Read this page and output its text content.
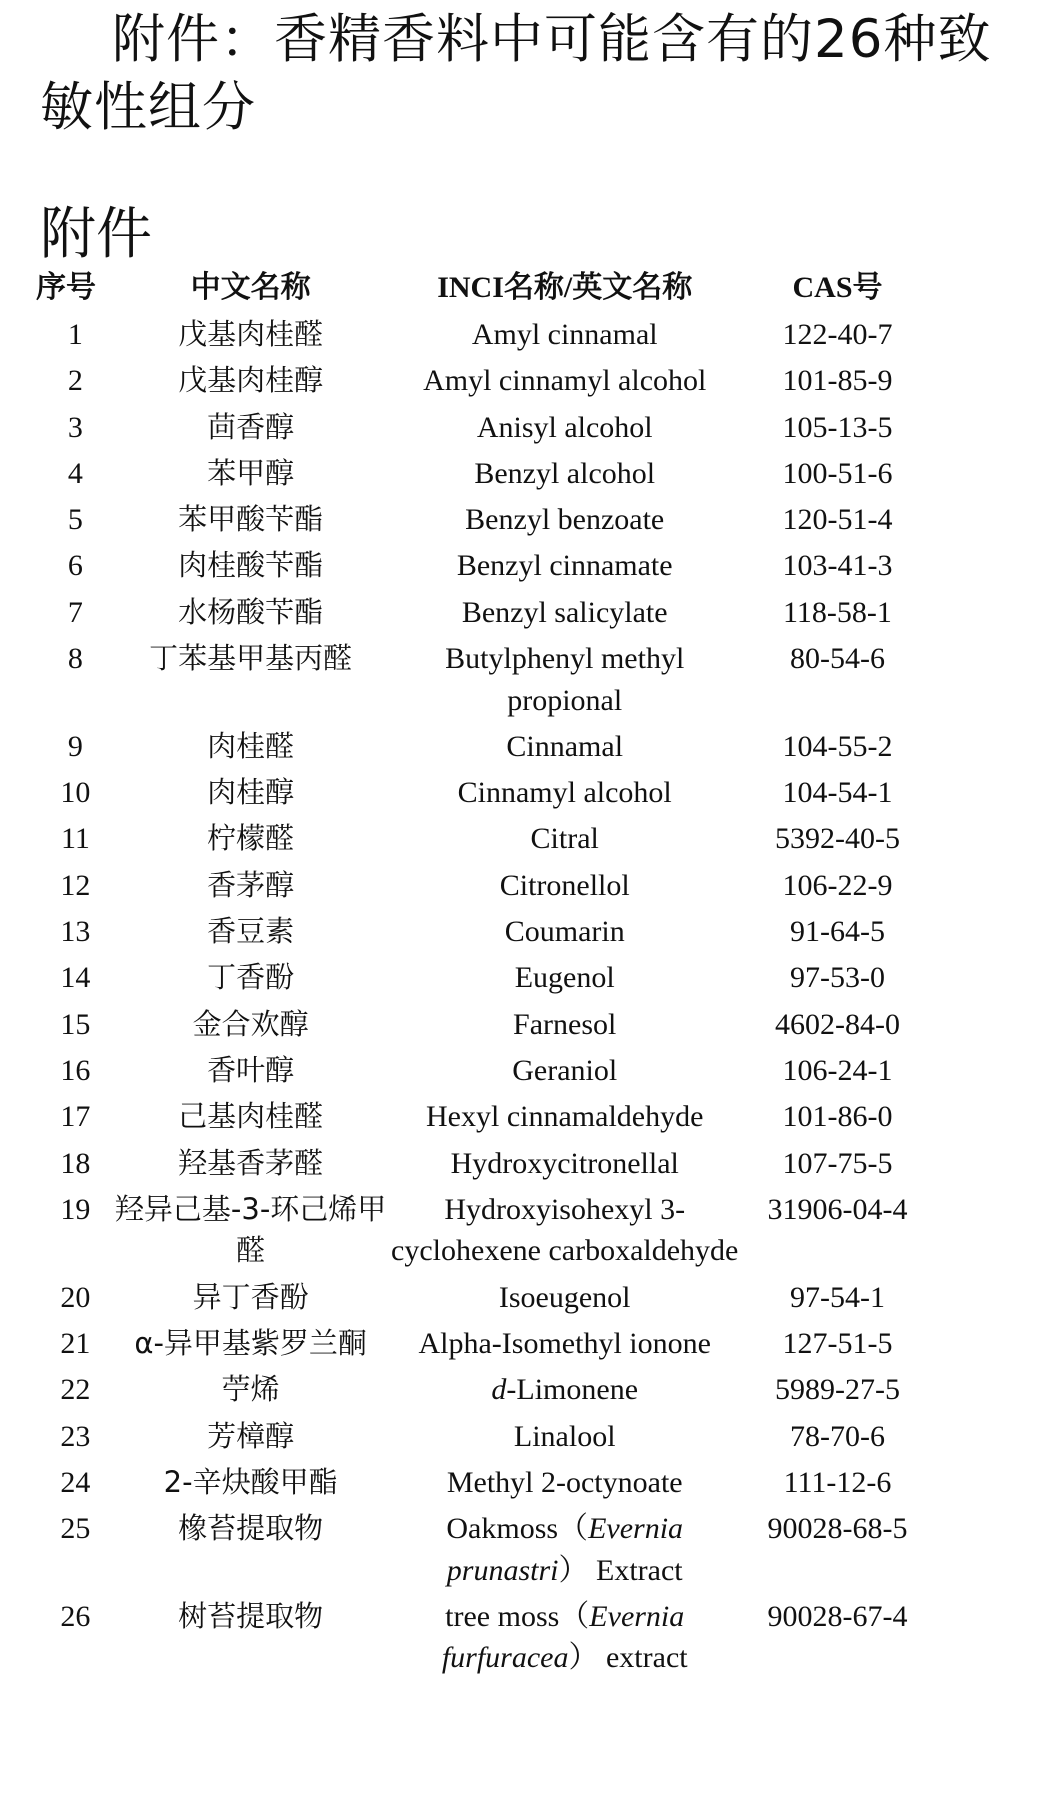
附件：香精香料中可能含有的26种致敏性组分
附件
序号	中文名称	INCI名称/英文名称	CAS号
1	戊基肉桂醛	Amyl cinnamal	122-40-7
2	戊基肉桂醇	Amyl cinnamyl alcohol	101-85-9
3	茴香醇	Anisyl alcohol	105-13-5
4	苯甲醇	Benzyl alcohol	100-51-6
5	苯甲酸苄酯	Benzyl benzoate	120-51-4
6	肉桂酸苄酯	Benzyl cinnamate	103-41-3
7	水杨酸苄酯	Benzyl salicylate	118-58-1
8	丁苯基甲基丙醛	Butylphenyl methyl propional	80-54-6
9	肉桂醛	Cinnamal	104-55-2
10	肉桂醇	Cinnamyl alcohol	104-54-1
11	柠檬醛	Citral	5392-40-5
12	香茅醇	Citronellol	106-22-9
13	香豆素	Coumarin	91-64-5
14	丁香酚	Eugenol	97-53-0
15	金合欢醇	Farnesol	4602-84-0
16	香叶醇	Geraniol	106-24-1
17	己基肉桂醛	Hexyl cinnamaldehyde	101-86-0
18	羟基香茅醛	Hydroxycitronellal	107-75-5
19	羟异己基-3-环己烯甲醛	Hydroxyisohexyl 3-cyclohexene carboxaldehyde	31906-04-4
20	异丁香酚	Isoeugenol	97-54-1
21	α-异甲基紫罗兰酮	Alpha-Isomethyl ionone	127-51-5
22	苧烯	d-Limonene	5989-27-5
23	芳樟醇	Linalool	78-70-6
24	2-辛炔酸甲酯	Methyl 2-octynoate	111-12-6
25	橡苔提取物	Oakmoss（Evernia prunastri） Extract	90028-68-5
26	树苔提取物	tree moss（Evernia furfuracea） extract	90028-67-4
